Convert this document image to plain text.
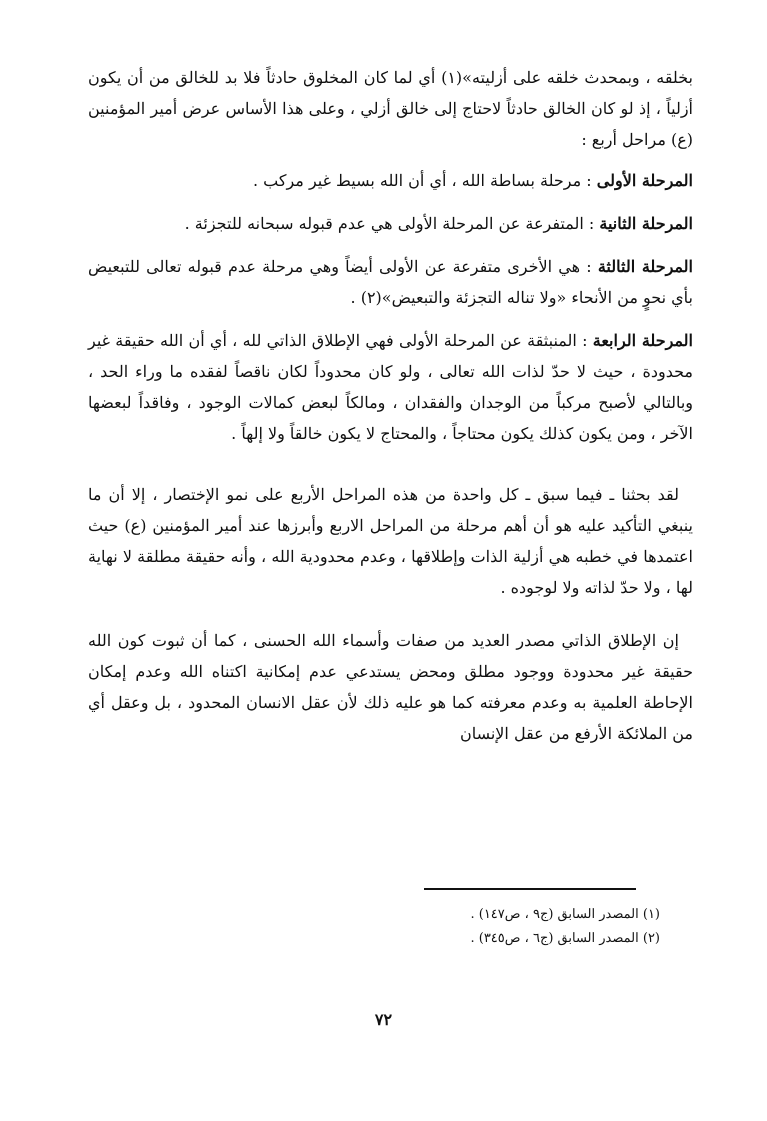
بخلقه ، وبمحدث خلقه على أزليته»(١) أي لما كان المخلوق حادثاً فلا بد للخالق من أن يكون أزلياً ، إذ لو كان الخالق حادثاً لاحتاج إلى خالق أزلي ، وعلى هذا الأساس عرض أمير المؤمنين (ع) مراحل أربع :

المرحلة الأولى : مرحلة بساطة الله ، أي أن الله بسيط غير مركب .

المرحلة الثانية : المتفرعة عن المرحلة الأولى هي عدم قبوله سبحانه للتجزئة .

المرحلة الثالثة : هي الأخرى متفرعة عن الأولى أيضاً وهي مرحلة عدم قبوله تعالى للتبعيض بأي نحوٍ من الأنحاء «ولا تناله التجزئة والتبعيض»(٢) .

المرحلة الرابعة : المنبثقة عن المرحلة الأولى فهي الإطلاق الذاتي لله ، أي أن الله حقيقة غير محدودة ، حيث لا حدّ لذات الله تعالى ، ولو كان محدوداً لكان ناقصاً لفقده ما وراء الحد ، وبالتالي لأصبح مركباً من الوجدان والفقدان ، ومالكاً لبعض كمالات الوجود ، وفاقداً لبعضها الآخر ، ومن يكون كذلك يكون محتاجاً ، والمحتاج لا يكون خالقاً ولا إلهاً .

لقد بحثنا ـ فيما سبق ـ كل واحدة من هذه المراحل الأربع على نمو الإختصار ، إلا أن ما ينبغي التأكيد عليه هو أن أهم مرحلة من المراحل الاربع وأبرزها عند أمير المؤمنين (ع) حيث اعتمدها في خطبه هي أزلية الذات وإطلاقها ، وعدم محدودية الله ، وأنه حقيقة مطلقة لا نهاية لها ، ولا حدّ لذاته ولا لوجوده .

إن الإطلاق الذاتي مصدر العديد من صفات وأسماء الله الحسنى ، كما أن ثبوت كون الله حقيقة غير محدودة ووجود مطلق ومحض يستدعي عدم إمكانية اكتناه الله وعدم إمكان الإحاطة العلمية به وعدم معرفته كما هو عليه ذلك لأن عقل الانسان المحدود ، بل وعقل أي من الملائكة الأرفع من عقل الإنسان

(١) المصدر السابق (ج٩ ، ص١٤٧) .

(٢) المصدر السابق (ج٦ ، ص٣٤٥) .

٧٢
